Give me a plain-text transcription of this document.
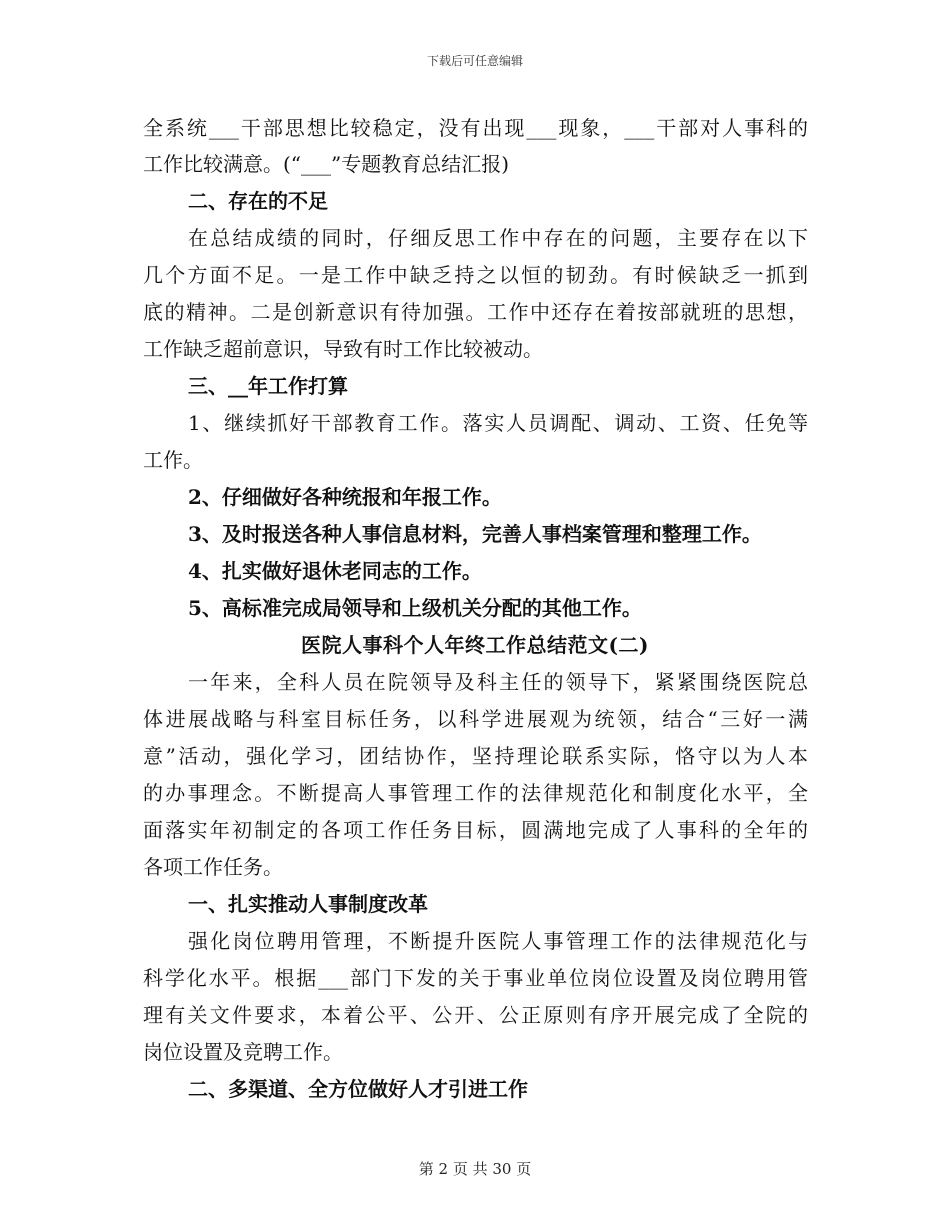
下载后可任意编辑
全系统___干部思想比较稳定，没有出现___现象，___干部对人事科的
工作比较满意。(“___”专题教育总结汇报)
二、存在的不足
在总结成绩的同时，仔细反思工作中存在的问题，主要存在以下
几个方面不足。一是工作中缺乏持之以恒的韧劲。有时候缺乏一抓到
底的精神。二是创新意识有待加强。工作中还存在着按部就班的思想，
工作缺乏超前意识，导致有时工作比较被动。
三、__年工作打算
1、继续抓好干部教育工作。落实人员调配、调动、工资、任免等
工作。
2、仔细做好各种统报和年报工作。
3、及时报送各种人事信息材料，完善人事档案管理和整理工作。
4、扎实做好退休老同志的工作。
5、高标准完成局领导和上级机关分配的其他工作。
医院人事科个人年终工作总结范文(二)
一年来，全科人员在院领导及科主任的领导下，紧紧围绕医院总
体进展战略与科室目标任务，以科学进展观为统领，结合“三好一满
意”活动，强化学习，团结协作，坚持理论联系实际，恪守以为人本
的办事理念。不断提高人事管理工作的法律规范化和制度化水平，全
面落实年初制定的各项工作任务目标，圆满地完成了人事科的全年的
各项工作任务。
一、扎实推动人事制度改革
强化岗位聘用管理，不断提升医院人事管理工作的法律规范化与
科学化水平。根据___部门下发的关于事业单位岗位设置及岗位聘用管
理有关文件要求，本着公平、公开、公正原则有序开展完成了全院的
岗位设置及竞聘工作。
二、多渠道、全方位做好人才引进工作
第 2 页 共 30 页
